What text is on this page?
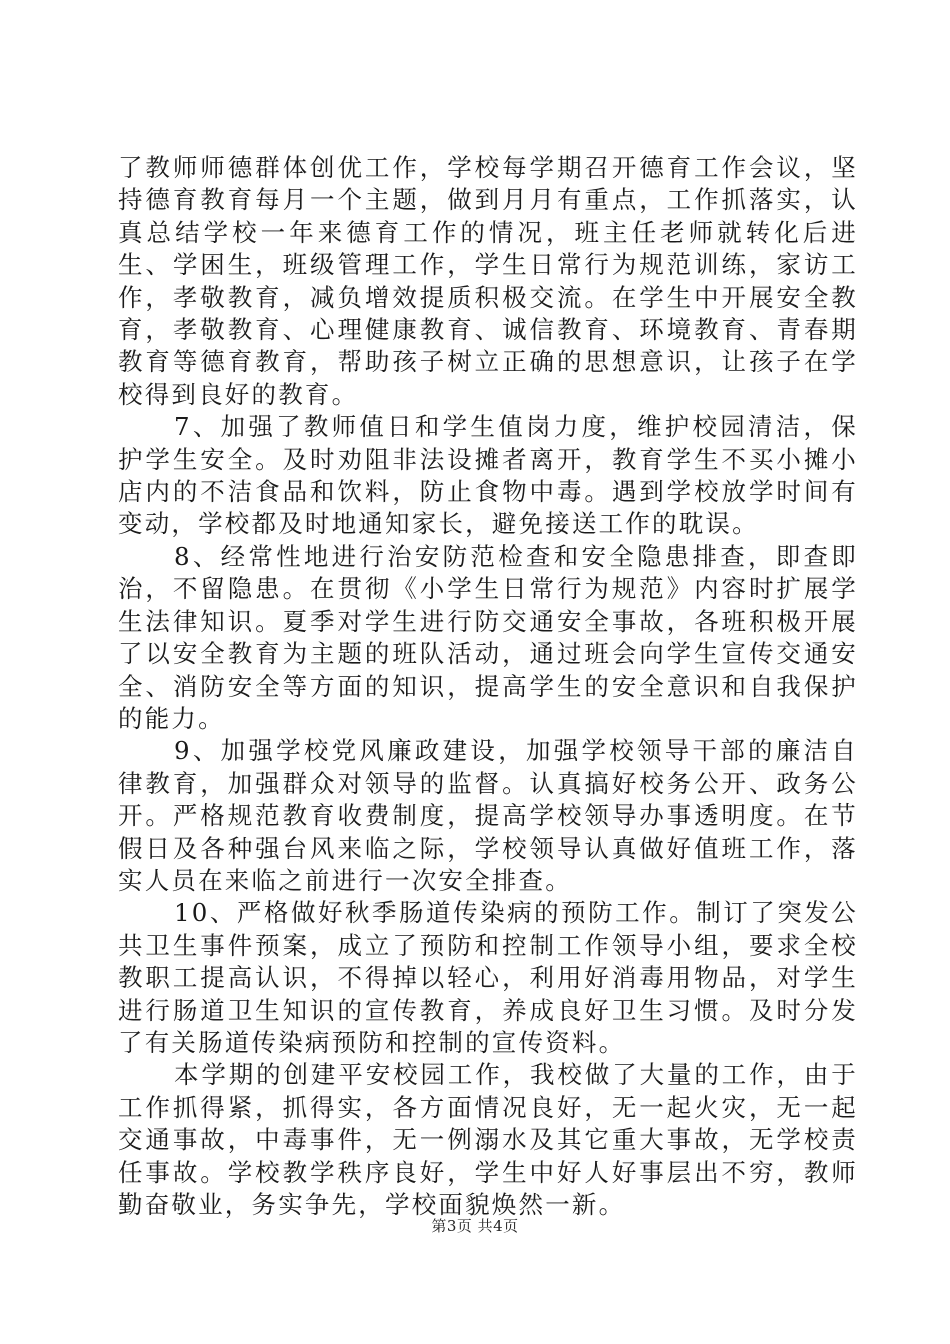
了教师师德群体创优工作，学校每学期召开德育工作会议，坚持德育教育每月一个主题，做到月月有重点，工作抓落实，认真总结学校一年来德育工作的情况，班主任老师就转化后进生、学困生，班级管理工作，学生日常行为规范训练，家访工作，孝敬教育，减负增效提质积极交流。在学生中开展安全教育，孝敬教育、心理健康教育、诚信教育、环境教育、青春期教育等德育教育，帮助孩子树立正确的思想意识，让孩子在学校得到良好的教育。

7、加强了教师值日和学生值岗力度，维护校园清洁，保护学生安全。及时劝阻非法设摊者离开，教育学生不买小摊小店内的不洁食品和饮料，防止食物中毒。遇到学校放学时间有变动，学校都及时地通知家长，避免接送工作的耽误。

8、经常性地进行治安防范检查和安全隐患排查，即查即治，不留隐患。在贯彻《小学生日常行为规范》内容时扩展学生法律知识。夏季对学生进行防交通安全事故，各班积极开展了以安全教育为主题的班队活动，通过班会向学生宣传交通安全、消防安全等方面的知识，提高学生的安全意识和自我保护的能力。

9、加强学校党风廉政建设，加强学校领导干部的廉洁自律教育，加强群众对领导的监督。认真搞好校务公开、政务公开。严格规范教育收费制度，提高学校领导办事透明度。在节假日及各种强台风来临之际，学校领导认真做好值班工作，落实人员在来临之前进行一次安全排查。

10、严格做好秋季肠道传染病的预防工作。制订了突发公共卫生事件预案，成立了预防和控制工作领导小组，要求全校教职工提高认识，不得掉以轻心，利用好消毒用物品，对学生进行肠道卫生知识的宣传教育，养成良好卫生习惯。及时分发了有关肠道传染病预防和控制的宣传资料。

本学期的创建平安校园工作，我校做了大量的工作，由于工作抓得紧，抓得实，各方面情况良好，无一起火灾，无一起交通事故，中毒事件，无一例溺水及其它重大事故，无学校责任事故。学校教学秩序良好，学生中好人好事层出不穷，教师勤奋敬业，务实争先，学校面貌焕然一新。

第3页 共4页
